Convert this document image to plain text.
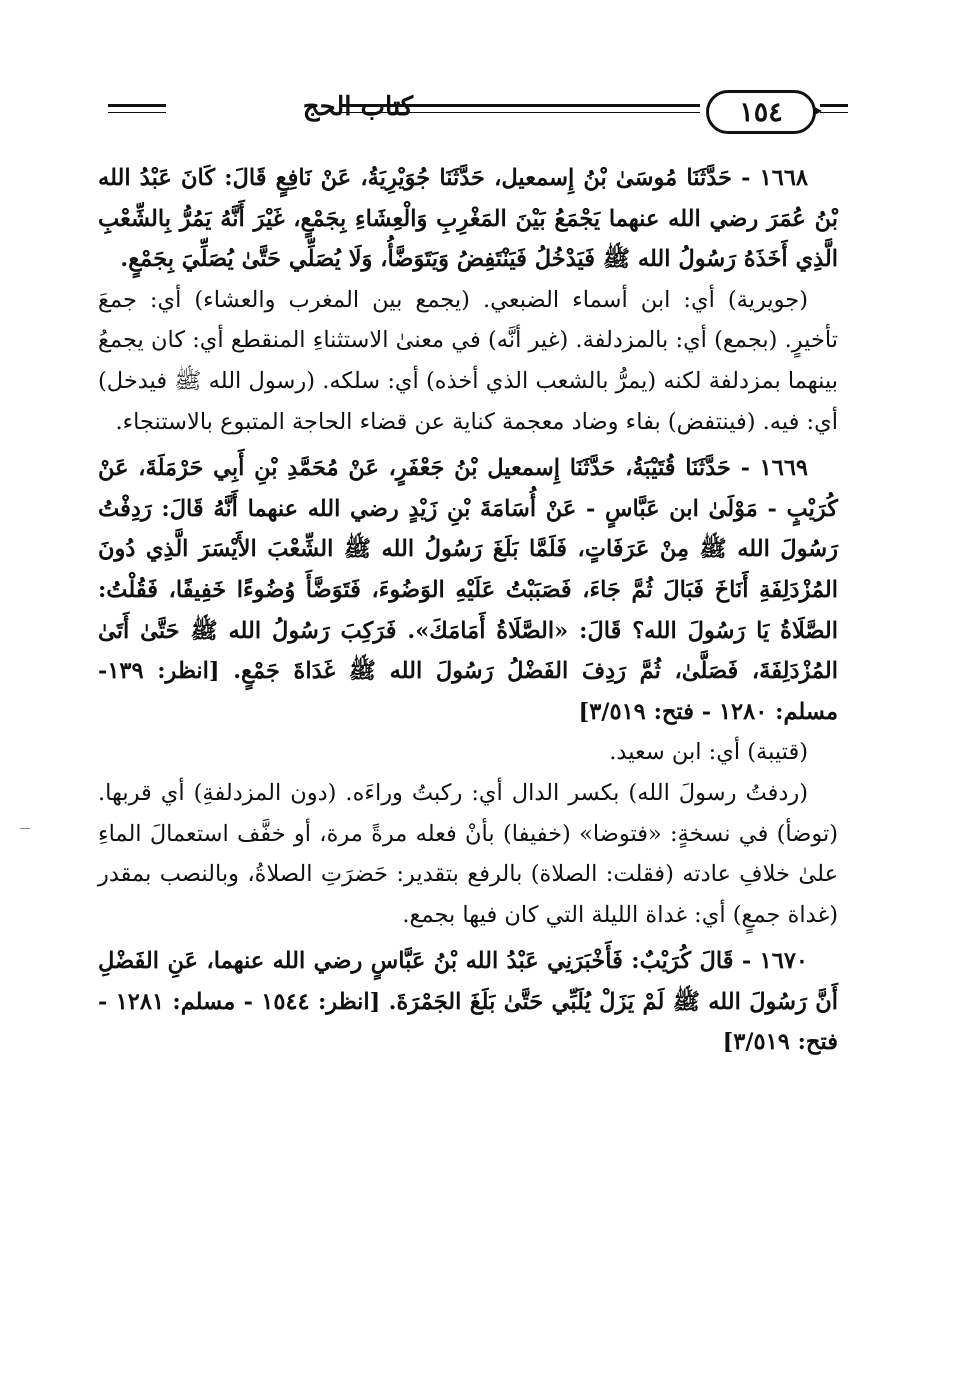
كتاب الحج	١٥٤

١٦٦٨ - حَدَّثَنَا مُوسَىٰ بْنُ إِسمعيل، حَدَّثَنَا جُوَيْرِيَةُ، عَنْ نَافِعٍ قَالَ: كَانَ عَبْدُ الله بْنُ عُمَرَ رضي الله عنهما يَجْمَعُ بَيْنَ المَغْرِبِ وَالْعِشَاءِ بِجَمْعٍ، غَيْرَ أَنَّهُ يَمُرُّ بِالشِّعْبِ الَّذِي أَخَذَهُ رَسُولُ الله ﷺ فَيَدْخُلُ فَيَنْتَفِضُ وَيَتَوَضَّأُ، وَلَا يُصَلِّي حَتَّىٰ يُصَلِّيَ بِجَمْعٍ.

(جويرية) أي: ابن أسماء الضبعي. (يجمع بين المغرب والعشاء) أي: جمعَ تأخيرٍ. (بجمع) أي: بالمزدلفة. (غير أنَّه) في معنىٰ الاستثناءِ المنقطع أي: كان يجمعُ بينهما بمزدلفة لكنه (يمرُّ بالشعب الذي أخذه) أي: سلكه. (رسول الله ﷺ فيدخل) أي: فيه. (فينتفض) بفاء وضاد معجمة كناية عن قضاء الحاجة المتبوع بالاستنجاء.

١٦٦٩ - حَدَّثَنَا قُتَيْبَةُ، حَدَّثَنَا إِسمعيل بْنُ جَعْفَرٍ، عَنْ مُحَمَّدِ بْنِ أَبِي حَرْمَلَةَ، عَنْ كُرَيْبٍ - مَوْلَىٰ ابن عَبَّاسٍ - عَنْ أُسَامَةَ بْنِ زَيْدٍ رضي الله عنهما أَنَّهُ قَالَ: رَدِفْتُ رَسُولَ الله ﷺ مِنْ عَرَفَاتٍ، فَلَمَّا بَلَغَ رَسُولُ الله ﷺ الشِّعْبَ الأَيْسَرَ الَّذِي دُونَ المُزْدَلِفَةِ أَنَاخَ فَبَالَ ثُمَّ جَاءَ، فَصَبَبْتُ عَلَيْهِ الوَضُوءَ، فَتَوَضَّأَ وُضُوءًا خَفِيفًا، فَقُلْتُ: الصَّلَاةُ يَا رَسُولَ الله؟ قَالَ: «الصَّلَاةُ أَمَامَكَ». فَرَكِبَ رَسُولُ الله ﷺ حَتَّىٰ أَتَىٰ المُزْدَلِفَةَ، فَصَلَّىٰ، ثُمَّ رَدِفَ الفَضْلُ رَسُولَ الله ﷺ غَدَاةَ جَمْعٍ. [انظر: ١٣٩- مسلم: ١٢٨٠ - فتح: ٣/٥١٩]

(قتيبة) أي: ابن سعيد.

(ردفتُ رسولَ الله) بكسر الدال أي: ركبتُ وراءَه. (دون المزدلفةِ) أي قربها. (توضأ) في نسخةٍ: «فتوضا» (خفيفا) بأنْ فعله مرةً مرة، أو خفَّف استعمالَ الماءِ علىٰ خلافِ عادته (فقلت: الصلاة) بالرفع بتقدير: حَضرَتِ الصلاةُ، وبالنصب بمقدر (غداة جمعٍ) أي: غداة الليلة التي كان فيها بجمع.

١٦٧٠ - قَالَ كُرَيْبٌ: فَأَخْبَرَنِي عَبْدُ الله بْنُ عَبَّاسٍ رضي الله عنهما، عَنِ الفَضْلِ أَنَّ رَسُولَ الله ﷺ لَمْ يَزَلْ يُلَبِّي حَتَّىٰ بَلَغَ الجَمْرَةَ. [انظر: ١٥٤٤ - مسلم: ١٢٨١ - فتح: ٣/٥١٩]
